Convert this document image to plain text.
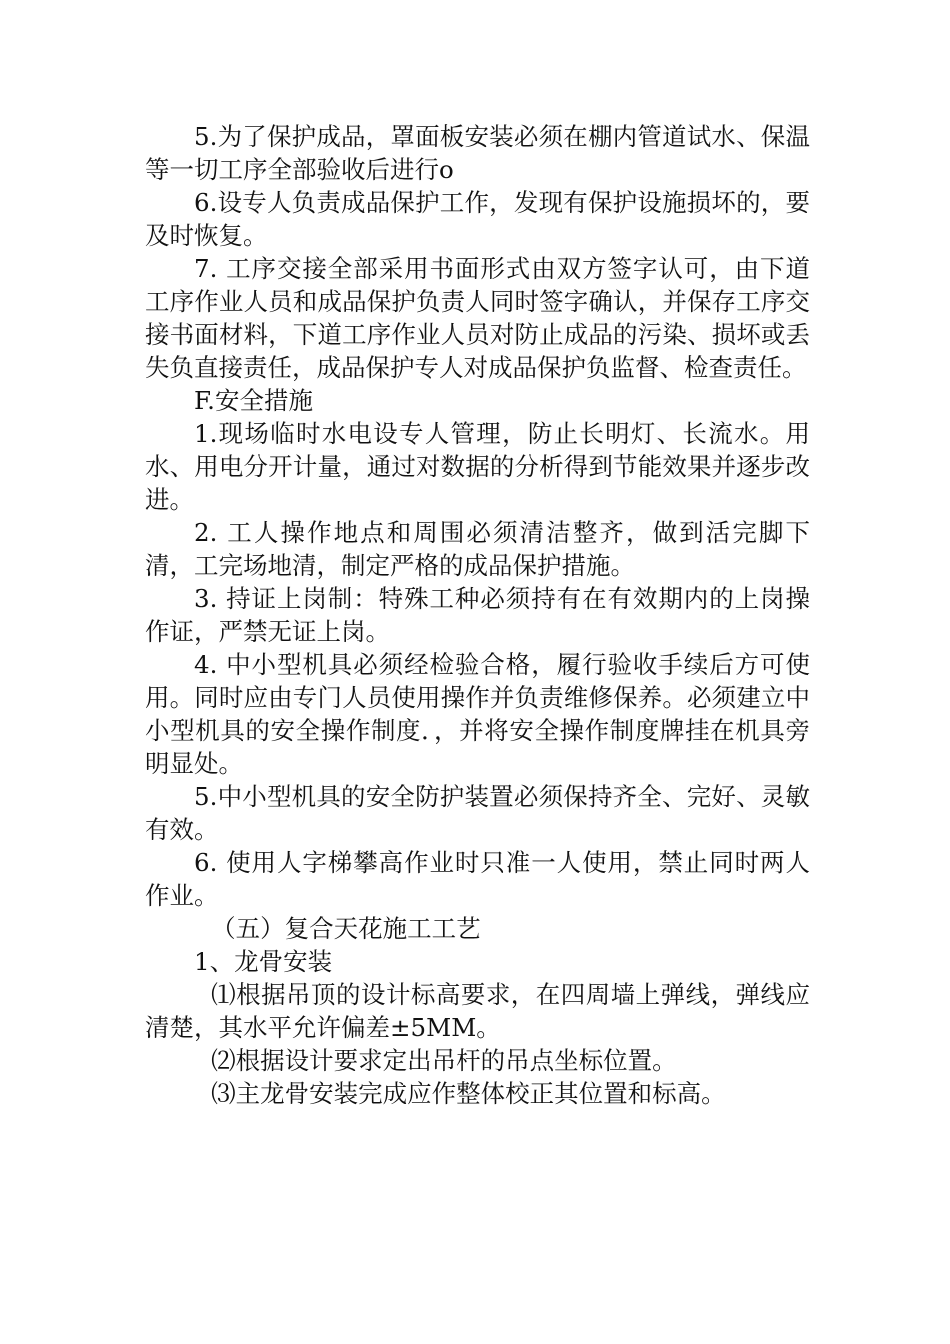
5.为了保护成品，罩面板安装必须在棚内管道试水、保温等一切工序全部验收后进行o

6.设专人负责成品保护工作，发现有保护设施损坏的，要及时恢复。

7. 工序交接全部采用书面形式由双方签字认可，由下道工序作业人员和成品保护负责人同时签字确认，并保存工序交接书面材料，下道工序作业人员对防止成品的污染、损坏或丢失负直接责任，成品保护专人对成品保护负监督、检查责任。

F.安全措施

1.现场临时水电设专人管理，防止长明灯、长流水。用水、用电分开计量，通过对数据的分析得到节能效果并逐步改进。

2. 工人操作地点和周围必须清洁整齐，做到活完脚下清，工完场地清，制定严格的成品保护措施。

3. 持证上岗制：特殊工种必须持有在有效期内的上岗操作证，严禁无证上岗。

4. 中小型机具必须经检验合格，履行验收手续后方可使用。同时应由专门人员使用操作并负责维修保养。必须建立中小型机具的安全操作制度．，并将安全操作制度牌挂在机具旁明显处。

5.中小型机具的安全防护装置必须保持齐全、完好、灵敏有效。

6. 使用人字梯攀高作业时只准一人使用，禁止同时两人作业。

（五）复合天花施工工艺

1、龙骨安装

⑴根据吊顶的设计标高要求，在四周墙上弹线，弹线应清楚，其水平允许偏差±5MM。

⑵根据设计要求定出吊杆的吊点坐标位置。

⑶主龙骨安装完成应作整体校正其位置和标高。
